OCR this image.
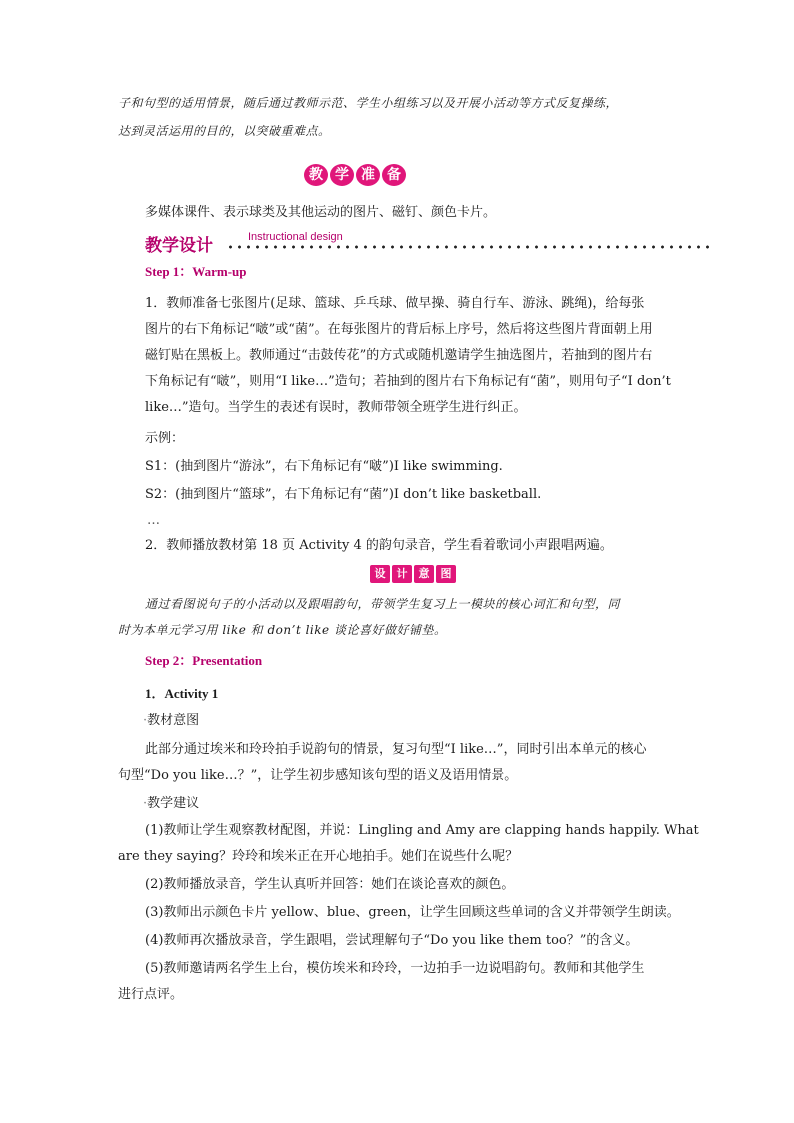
子和句型的适用情景，随后通过教师示范、学生小组练习以及开展小活动等方式反复操练，
达到灵活运用的目的，以突破重难点。
教 学 准 备
多媒体课件、表示球类及其他运动的图片、磁钉、颜色卡片。
教学设计	Instructional design
Step 1：Warm-up
1．教师准备七张图片(足球、篮球、乒乓球、做早操、骑自行车、游泳、跳绳)，给每张
图片的右下角标记“啵”或“菌”。在每张图片的背后标上序号，然后将这些图片背面朝上用
磁钉贴在黑板上。教师通过“击鼓传花”的方式或随机邀请学生抽选图片，若抽到的图片右
下角标记有“啵”，则用“I like…”造句；若抽到的图片右下角标记有“菌”，则用句子“I don’t
like…”造句。当学生的表述有误时，教师带领全班学生进行纠正。
示例：
S1：(抽到图片“游泳”，右下角标记有“啵”)I like swimming.
S2：(抽到图片“篮球”，右下角标记有“菌”)I don’t like basketball.
…
2．教师播放教材第 18 页 Activity 4 的韵句录音，学生看着歌词小声跟唱两遍。
设	计	意	图
通过看图说句子的小活动以及跟唱韵句，带领学生复习上一模块的核心词汇和句型，同
时为本单元学习用 like 和 don’t like 谈论喜好做好铺垫。
Step 2：Presentation
1．Activity 1
·教材意图
此部分通过埃米和玲玲拍手说韵句的情景，复习句型“I like…”，同时引出本单元的核心
句型“Do you like…？”，让学生初步感知该句型的语义及语用情景。
·教学建议
(1)教师让学生观察教材配图，并说：Lingling and Amy are clapping hands happily. What
are they saying？玲玲和埃米正在开心地拍手。她们在说些什么呢？
(2)教师播放录音，学生认真听并回答：她们在谈论喜欢的颜色。
(3)教师出示颜色卡片 yellow、blue、green，让学生回顾这些单词的含义并带领学生朗读。
(4)教师再次播放录音，学生跟唱，尝试理解句子“Do you like them too？”的含义。
(5)教师邀请两名学生上台，模仿埃米和玲玲，一边拍手一边说唱韵句。教师和其他学生
进行点评。
